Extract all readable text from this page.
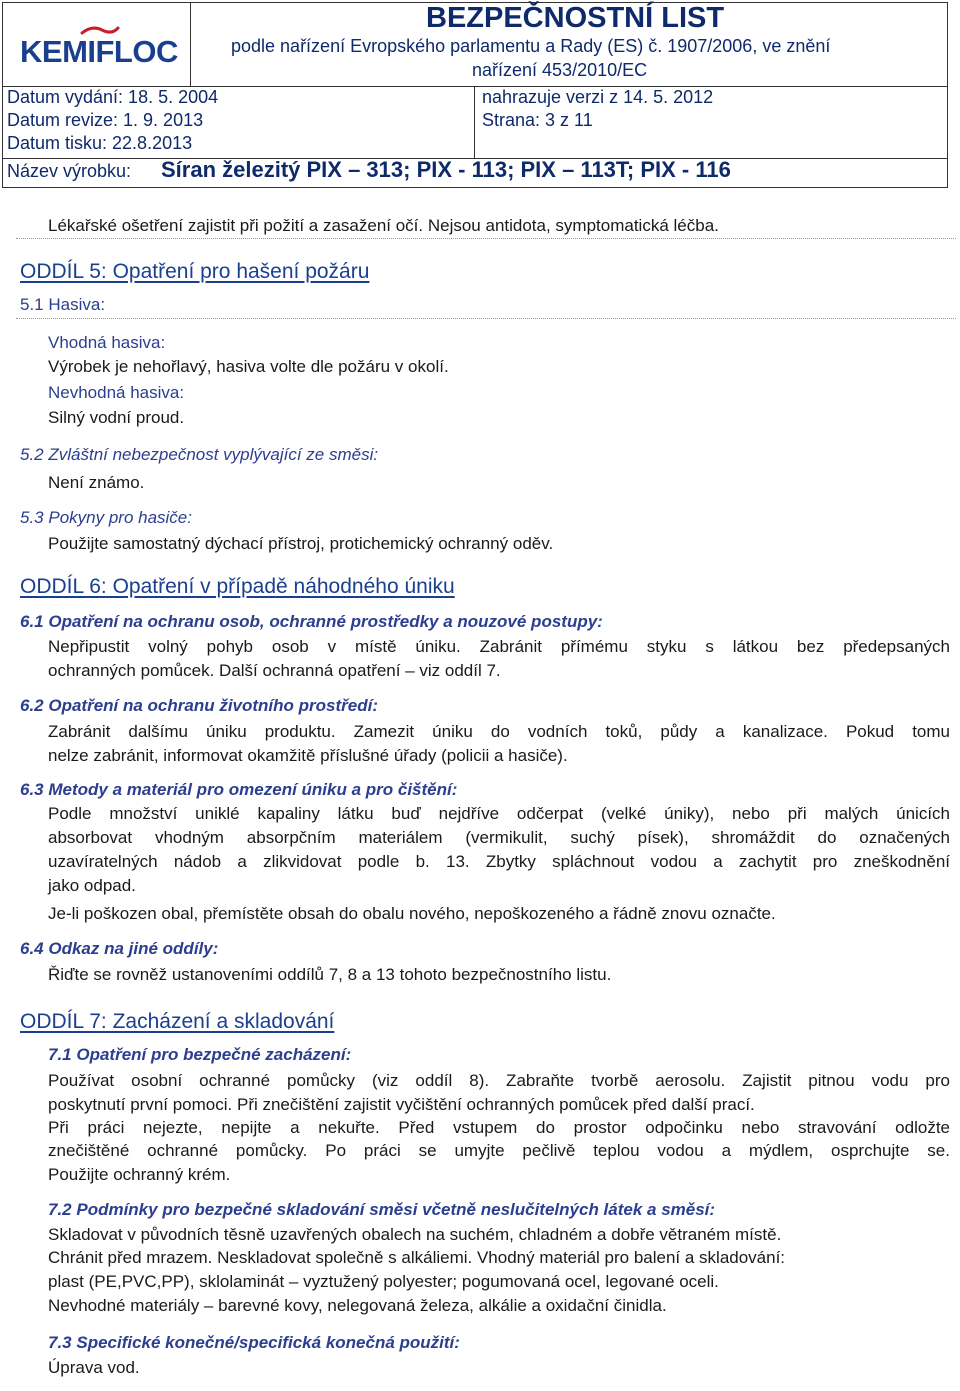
KEMIFLOC
BEZPEČNOSTNÍ LIST
podle nařízení Evropského parlamentu a Rady (ES) č. 1907/2006, ve znění
nařízení 453/2010/EC
Datum vydání: 18. 5. 2004
Datum revize: 1. 9. 2013
Datum tisku: 22.8.2013
nahrazuje verzi z 14. 5. 2012
Strana: 3 z 11
Název výrobku: Síran železitý PIX – 313; PIX - 113; PIX – 113T; PIX - 116
Lékařské ošetření zajistit při požití a zasažení očí. Nejsou antidota, symptomatická léčba.
ODDÍL 5: Opatření pro hašení požáru
5.1 Hasiva:
Vhodná hasiva:
Výrobek je nehořlavý, hasiva volte dle požáru v okolí.
Nevhodná hasiva:
Silný vodní proud.
5.2 Zvláštní nebezpečnost vyplývající ze směsi:
Není známo.
5.3 Pokyny pro hasiče:
Použijte samostatný dýchací přístroj, protichemický ochranný oděv.
ODDÍL 6: Opatření v případě náhodného úniku
6.1 Opatření na ochranu osob, ochranné prostředky a nouzové postupy:
Nepřipustit volný pohyb osob v místě úniku. Zabránit přímému styku s látkou bez předepsaných
ochranných pomůcek. Další ochranná opatření – viz oddíl 7.
6.2 Opatření na ochranu životního prostředí:
Zabránit dalšímu úniku produktu. Zamezit úniku do vodních toků, půdy a kanalizace. Pokud tomu
nelze zabránit, informovat okamžitě příslušné úřady (policii a hasiče).
6.3 Metody a materiál pro omezení úniku a pro čištění:
Podle množství uniklé kapaliny látku buď nejdříve odčerpat (velké úniky), nebo při malých únicích
absorbovat vhodným absorpčním materiálem (vermikulit, suchý písek), shromáždit do označených
uzavíratelných nádob a zlikvidovat podle b. 13. Zbytky spláchnout vodou a zachytit pro zneškodnění
jako odpad.
Je-li poškozen obal, přemístěte obsah do obalu nového, nepoškozeného a řádně znovu označte.
6.4 Odkaz na jiné oddíly:
Řiďte se rovněž ustanoveními oddílů 7, 8 a 13 tohoto bezpečnostního listu.
ODDÍL 7: Zacházení a skladování
7.1 Opatření pro bezpečné zacházení:
Používat osobní ochranné pomůcky (viz oddíl 8). Zabraňte tvorbě aerosolu. Zajistit pitnou vodu pro
poskytnutí první pomoci. Při znečištění zajistit vyčištění ochranných pomůcek před další prací.
Při práci nejezte, nepijte a nekuřte. Před vstupem do prostor odpočinku nebo stravování odložte
znečištěné ochranné pomůcky. Po práci se umyjte pečlivě teplou vodou a mýdlem, osprchujte se.
Použijte ochranný krém.
7.2 Podmínky pro bezpečné skladování směsi včetně neslučitelných látek a směsí:
Skladovat v původních těsně uzavřených obalech na suchém, chladném a dobře větraném místě.
Chránit před mrazem. Neskladovat společně s alkáliemi. Vhodný materiál pro balení a skladování:
plast (PE,PVC,PP), sklolaminát – vyztužený polyester; pogumovaná ocel, legované oceli.
Nevhodné materiály – barevné kovy, nelegovaná železa, alkálie a oxidační činidla.
7.3 Specifické konečné/specifická konečná použití:
Úprava vod.
